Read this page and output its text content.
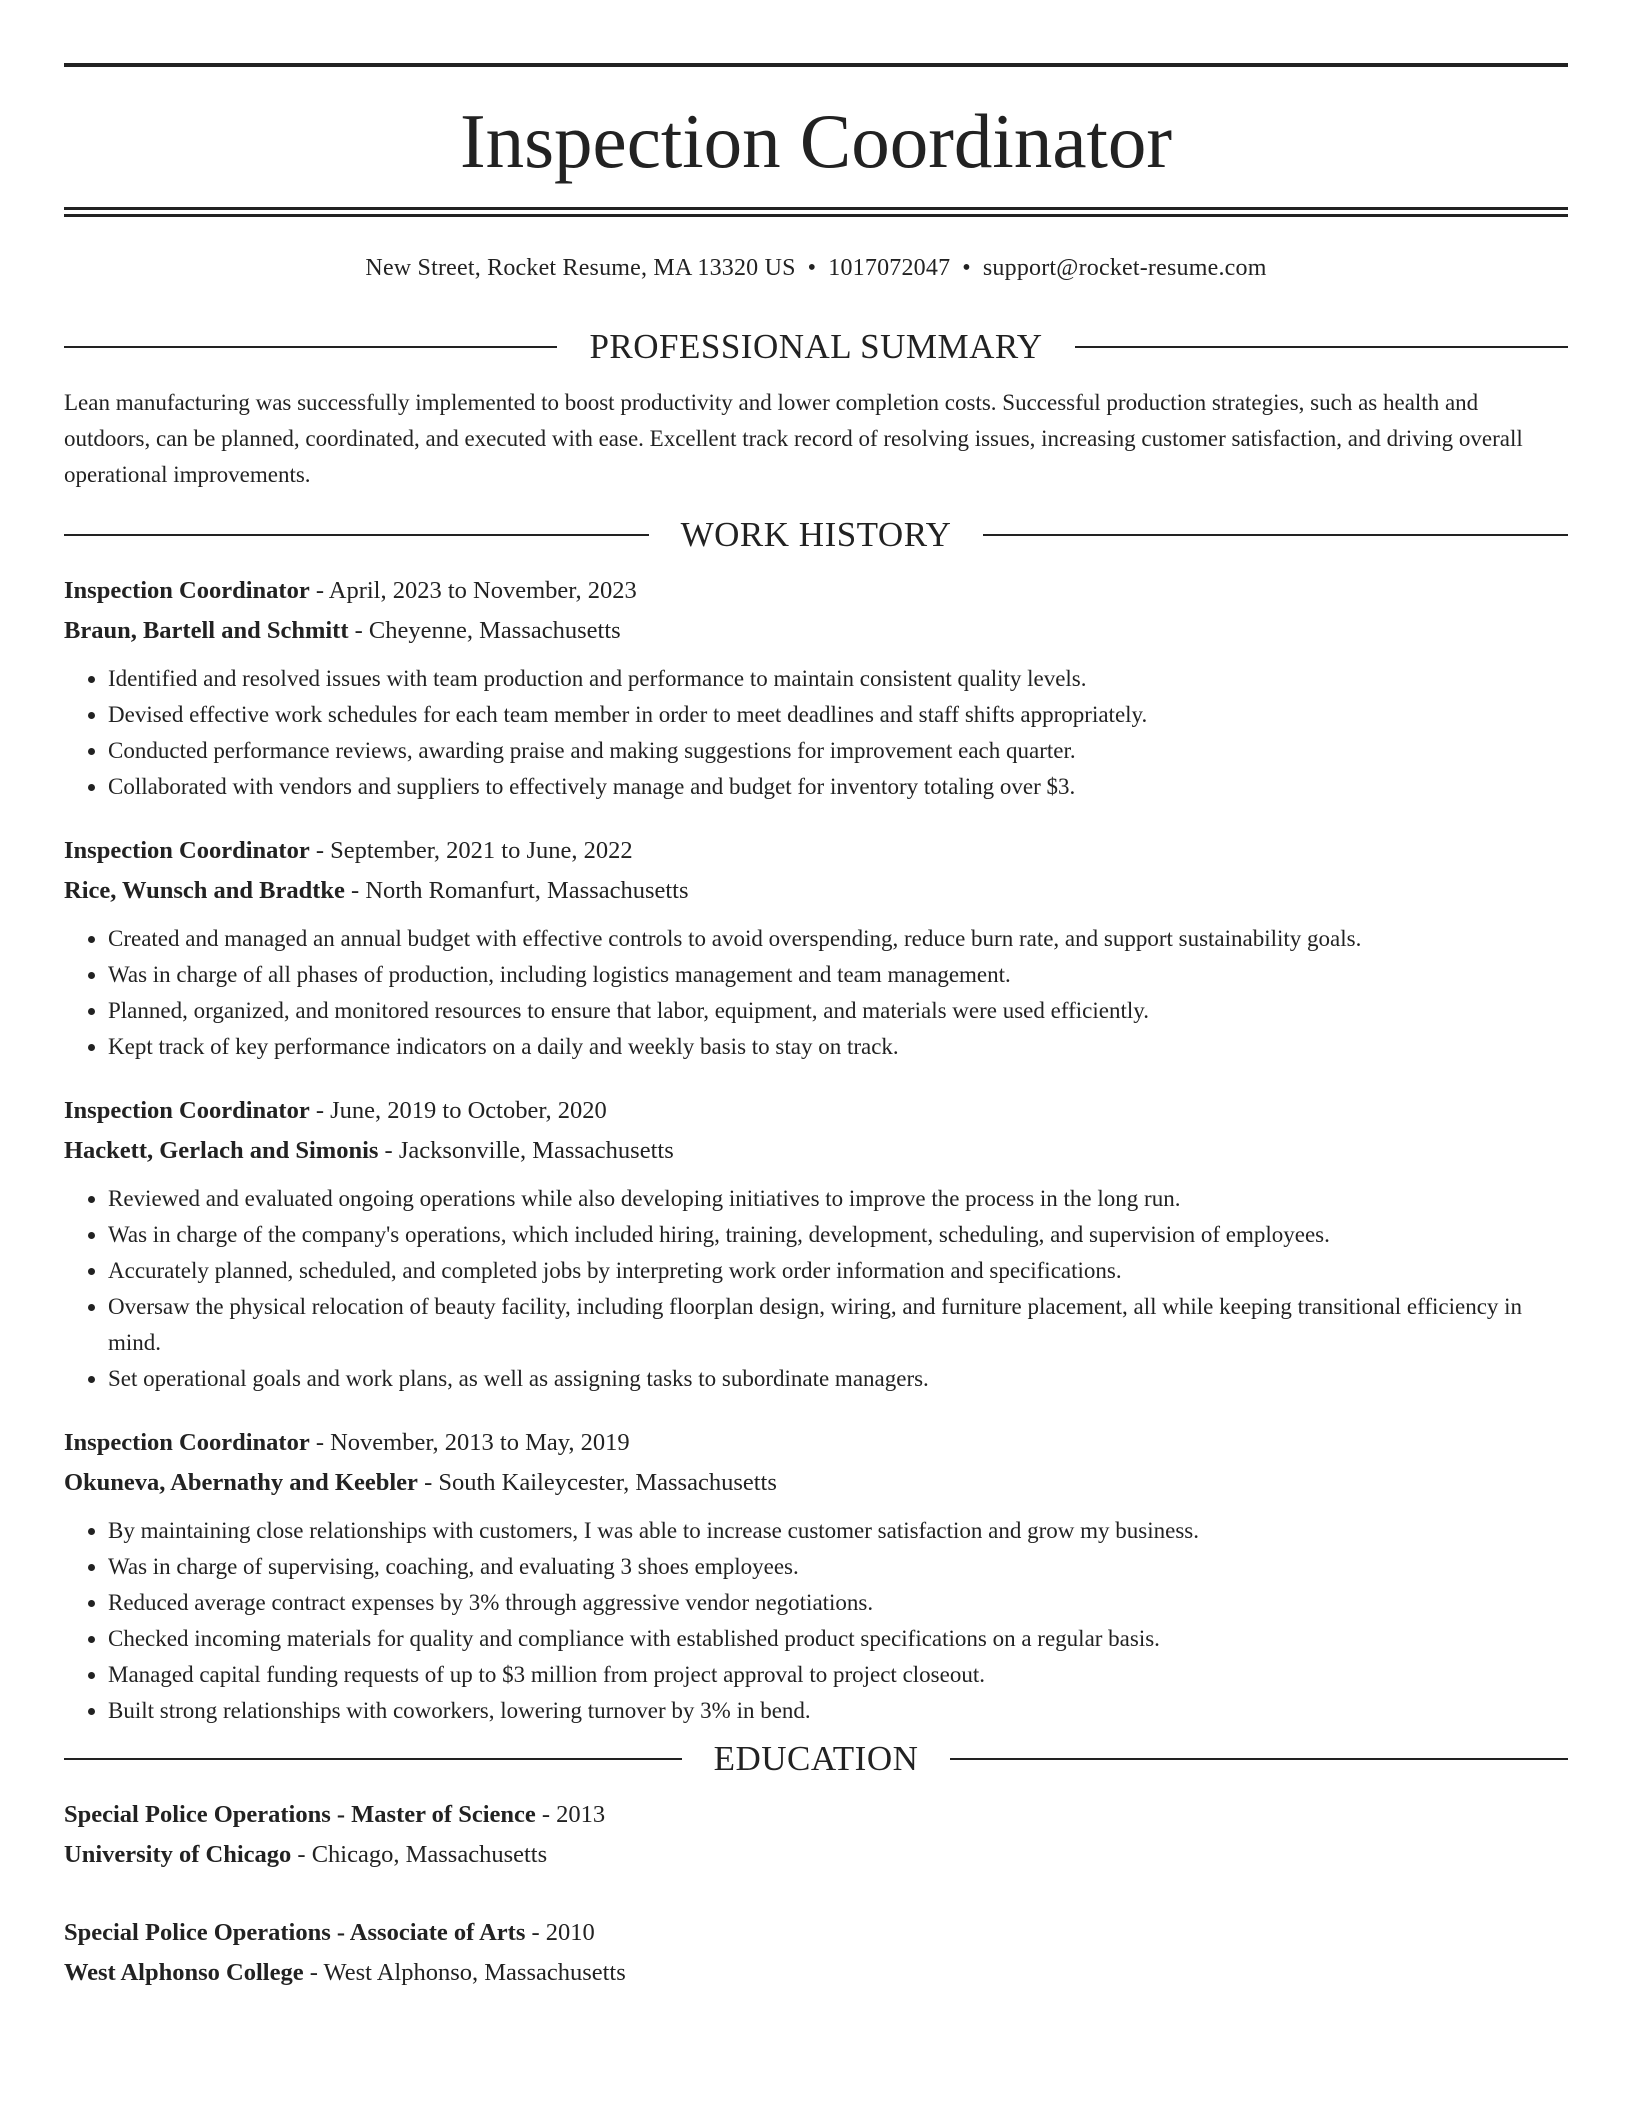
Inspection Coordinator
New Street, Rocket Resume, MA 13320 US • 1017072047 • support@rocket-resume.com
PROFESSIONAL SUMMARY

Lean manufacturing was successfully implemented to boost productivity and lower completion costs. Successful production strategies, such as health and outdoors, can be planned, coordinated, and executed with ease. Excellent track record of resolving issues, increasing customer satisfaction, and driving overall operational improvements.

WORK HISTORY
Inspection Coordinator - April, 2023 to November, 2023
Braun, Bartell and Schmitt - Cheyenne, Massachusetts
• Identified and resolved issues with team production and performance to maintain consistent quality levels.
• Devised effective work schedules for each team member in order to meet deadlines and staff shifts appropriately.
• Conducted performance reviews, awarding praise and making suggestions for improvement each quarter.
• Collaborated with vendors and suppliers to effectively manage and budget for inventory totaling over $3.
Inspection Coordinator - September, 2021 to June, 2022
Rice, Wunsch and Bradtke - North Romanfurt, Massachusetts
• Created and managed an annual budget with effective controls to avoid overspending, reduce burn rate, and support sustainability goals.
• Was in charge of all phases of production, including logistics management and team management.
• Planned, organized, and monitored resources to ensure that labor, equipment, and materials were used efficiently.
• Kept track of key performance indicators on a daily and weekly basis to stay on track.
Inspection Coordinator - June, 2019 to October, 2020
Hackett, Gerlach and Simonis - Jacksonville, Massachusetts
• Reviewed and evaluated ongoing operations while also developing initiatives to improve the process in the long run.
• Was in charge of the company's operations, which included hiring, training, development, scheduling, and supervision of employees.
• Accurately planned, scheduled, and completed jobs by interpreting work order information and specifications.
• Oversaw the physical relocation of beauty facility, including floorplan design, wiring, and furniture placement, all while keeping transitional efficiency in mind.
• Set operational goals and work plans, as well as assigning tasks to subordinate managers.
Inspection Coordinator - November, 2013 to May, 2019
Okuneva, Abernathy and Keebler - South Kaileycester, Massachusetts
• By maintaining close relationships with customers, I was able to increase customer satisfaction and grow my business.
• Was in charge of supervising, coaching, and evaluating 3 shoes employees.
• Reduced average contract expenses by 3% through aggressive vendor negotiations.
• Checked incoming materials for quality and compliance with established product specifications on a regular basis.
• Managed capital funding requests of up to $3 million from project approval to project closeout.
• Built strong relationships with coworkers, lowering turnover by 3% in bend.
EDUCATION
Special Police Operations - Master of Science - 2013
University of Chicago - Chicago, Massachusetts
Special Police Operations - Associate of Arts - 2010
West Alphonso College - West Alphonso, Massachusetts
